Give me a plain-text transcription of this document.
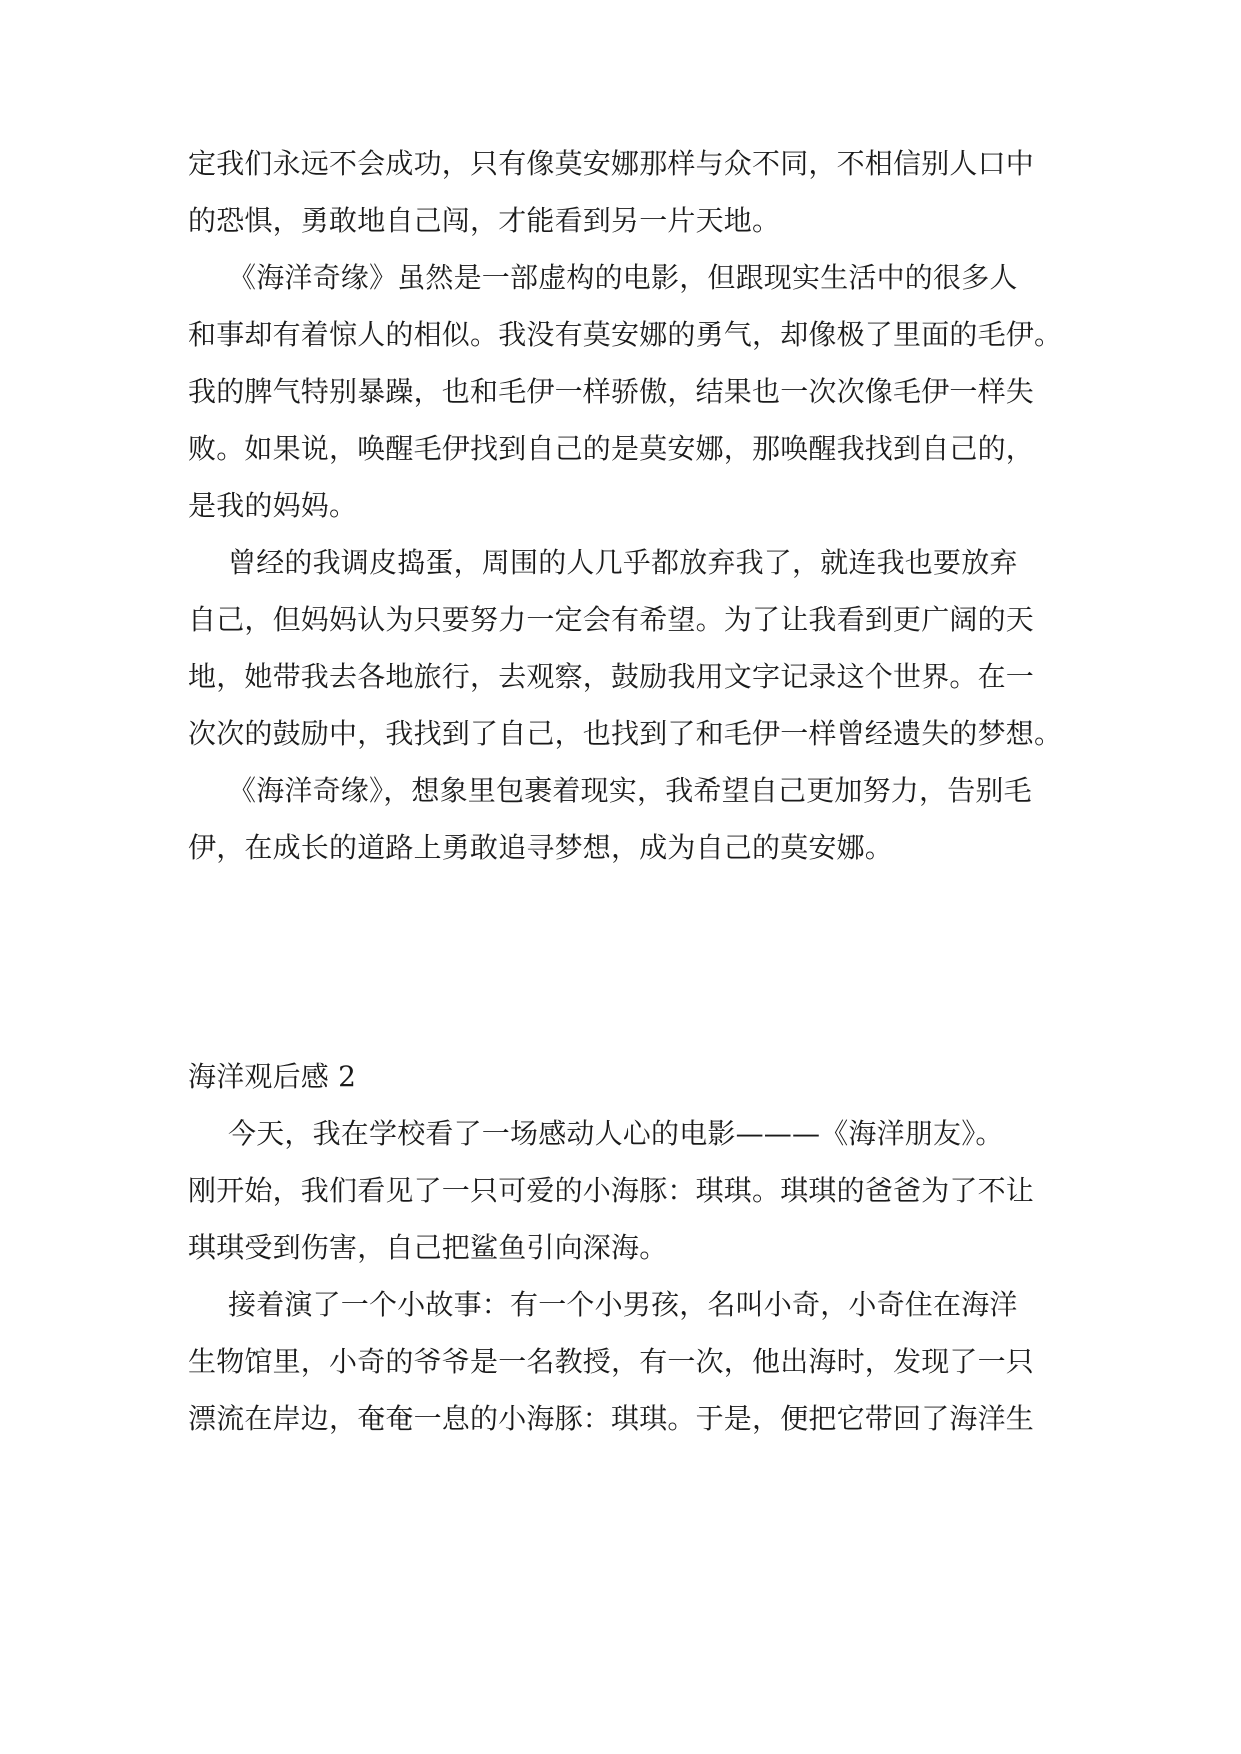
定我们永远不会成功，只有像莫安娜那样与众不同，不相信别人口中
的恐惧，勇敢地自己闯，才能看到另一片天地。
《海洋奇缘》虽然是一部虚构的电影，但跟现实生活中的很多人
和事却有着惊人的相似。我没有莫安娜的勇气，却像极了里面的毛伊。
我的脾气特别暴躁，也和毛伊一样骄傲，结果也一次次像毛伊一样失
败。如果说，唤醒毛伊找到自己的是莫安娜，那唤醒我找到自己的，
是我的妈妈。
曾经的我调皮捣蛋，周围的人几乎都放弃我了，就连我也要放弃
自己，但妈妈认为只要努力一定会有希望。为了让我看到更广阔的天
地，她带我去各地旅行，去观察，鼓励我用文字记录这个世界。在一
次次的鼓励中，我找到了自己，也找到了和毛伊一样曾经遗失的梦想。
《海洋奇缘》，想象里包裹着现实，我希望自己更加努力，告别毛
伊，在成长的道路上勇敢追寻梦想，成为自己的莫安娜。
海洋观后感 2
今天，我在学校看了一场感动人心的电影———《海洋朋友》。
刚开始，我们看见了一只可爱的小海豚：琪琪。琪琪的爸爸为了不让
琪琪受到伤害，自己把鲨鱼引向深海。
接着演了一个小故事：有一个小男孩，名叫小奇，小奇住在海洋
生物馆里，小奇的爷爷是一名教授，有一次，他出海时，发现了一只
漂流在岸边，奄奄一息的小海豚：琪琪。于是，便把它带回了海洋生
